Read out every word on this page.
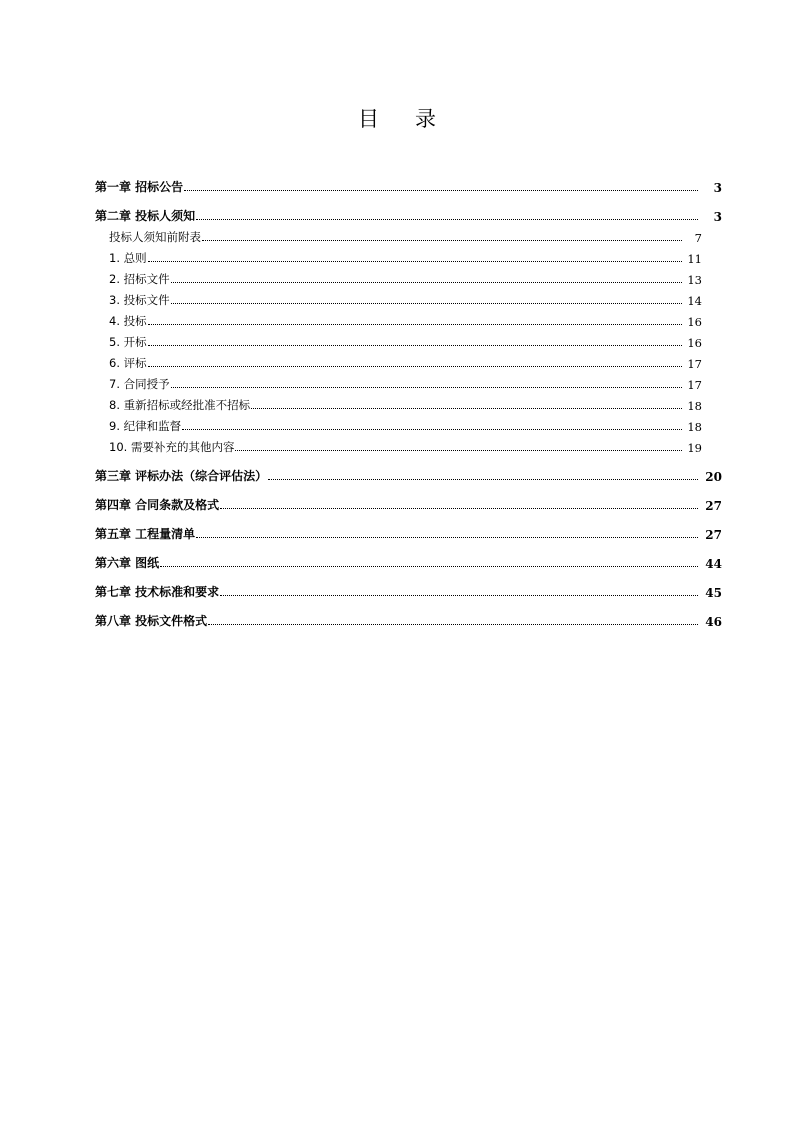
目 录
第一章 招标公告	3
第二章 投标人须知	3
投标人须知前附表	7
1. 总则	11
2. 招标文件	13
3. 投标文件	14
4. 投标	16
5. 开标	16
6. 评标	17
7. 合同授予	17
8. 重新招标或经批准不招标	18
9. 纪律和监督	18
10. 需要补充的其他内容	19
第三章 评标办法（综合评估法）	20
第四章 合同条款及格式	27
第五章 工程量清单	27
第六章 图纸	44
第七章 技术标准和要求	45
第八章 投标文件格式	46
